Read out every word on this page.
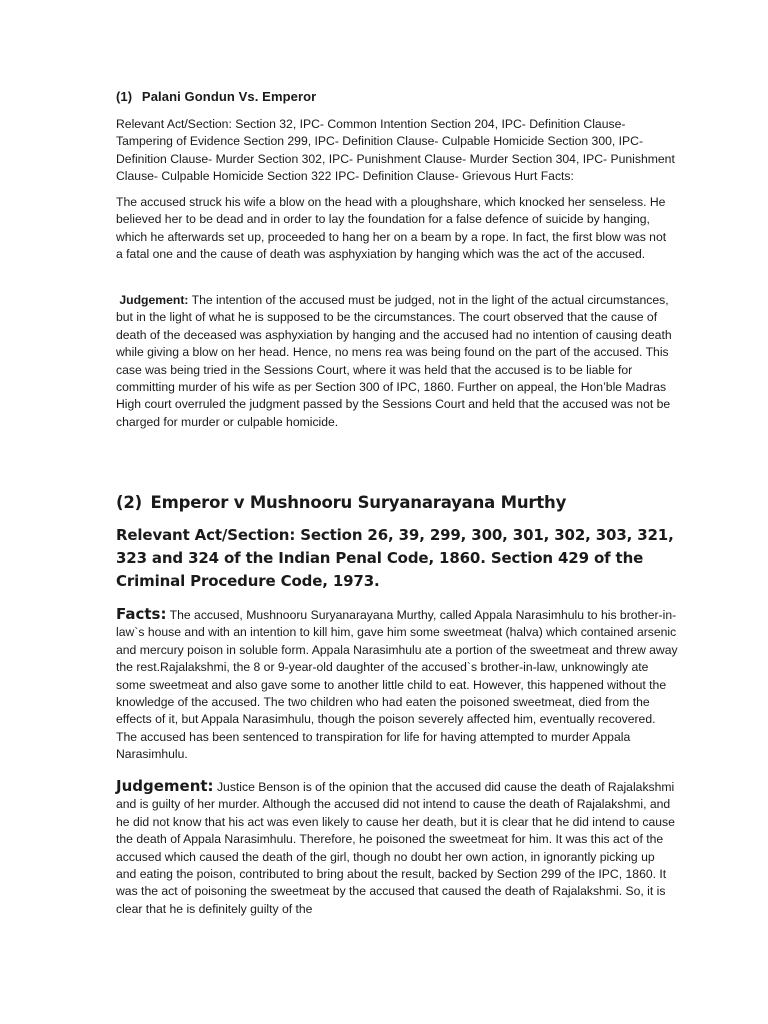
(1) Palani Gondun Vs. Emperor

Relevant Act/Section: Section 32, IPC- Common Intention Section 204, IPC- Definition Clause- Tampering of Evidence Section 299, IPC- Definition Clause- Culpable Homicide Section 300, IPC- Definition Clause- Murder Section 302, IPC- Punishment Clause- Murder Section 304, IPC- Punishment Clause- Culpable Homicide Section 322 IPC- Definition Clause- Grievous Hurt Facts:

The accused struck his wife a blow on the head with a ploughshare, which knocked her senseless. He believed her to be dead and in order to lay the foundation for a false defence of suicide by hanging, which he afterwards set up, proceeded to hang her on a beam by a rope. In fact, the first blow was not a fatal one and the cause of death was asphyxiation by hanging which was the act of the accused.

Judgement: The intention of the accused must be judged, not in the light of the actual circumstances, but in the light of what he is supposed to be the circumstances. The court observed that the cause of death of the deceased was asphyxiation by hanging and the accused had no intention of causing death while giving a blow on her head. Hence, no mens rea was being found on the part of the accused. This case was being tried in the Sessions Court, where it was held that the accused is to be liable for committing murder of his wife as per Section 300 of IPC, 1860. Further on appeal, the Hon’ble Madras High court overruled the judgment passed by the Sessions Court and held that the accused was not be charged for murder or culpable homicide.

(2) Emperor v Mushnooru Suryanarayana Murthy

Relevant Act/Section: Section 26, 39, 299, 300, 301, 302, 303, 321, 323 and 324 of the Indian Penal Code, 1860. Section 429 of the Criminal Procedure Code, 1973.

Facts: The accused, Mushnooru Suryanarayana Murthy, called Appala Narasimhulu to his brother-in-law`s house and with an intention to kill him, gave him some sweetmeat (halva) which contained arsenic and mercury poison in soluble form. Appala Narasimhulu ate a portion of the sweetmeat and threw away the rest.Rajalakshmi, the 8 or 9-year-old daughter of the accused`s brother-in-law, unknowingly ate some sweetmeat and also gave some to another little child to eat. However, this happened without the knowledge of the accused. The two children who had eaten the poisoned sweetmeat, died from the effects of it, but Appala Narasimhulu, though the poison severely affected him, eventually recovered. The accused has been sentenced to transpiration for life for having attempted to murder Appala Narasimhulu.

Judgement: Justice Benson is of the opinion that the accused did cause the death of Rajalakshmi and is guilty of her murder. Although the accused did not intend to cause the death of Rajalakshmi, and he did not know that his act was even likely to cause her death, but it is clear that he did intend to cause the death of Appala Narasimhulu. Therefore, he poisoned the sweetmeat for him. It was this act of the accused which caused the death of the girl, though no doubt her own action, in ignorantly picking up and eating the poison, contributed to bring about the result, backed by Section 299 of the IPC, 1860. It was the act of poisoning the sweetmeat by the accused that caused the death of Rajalakshmi. So, it is clear that he is definitely guilty of the
